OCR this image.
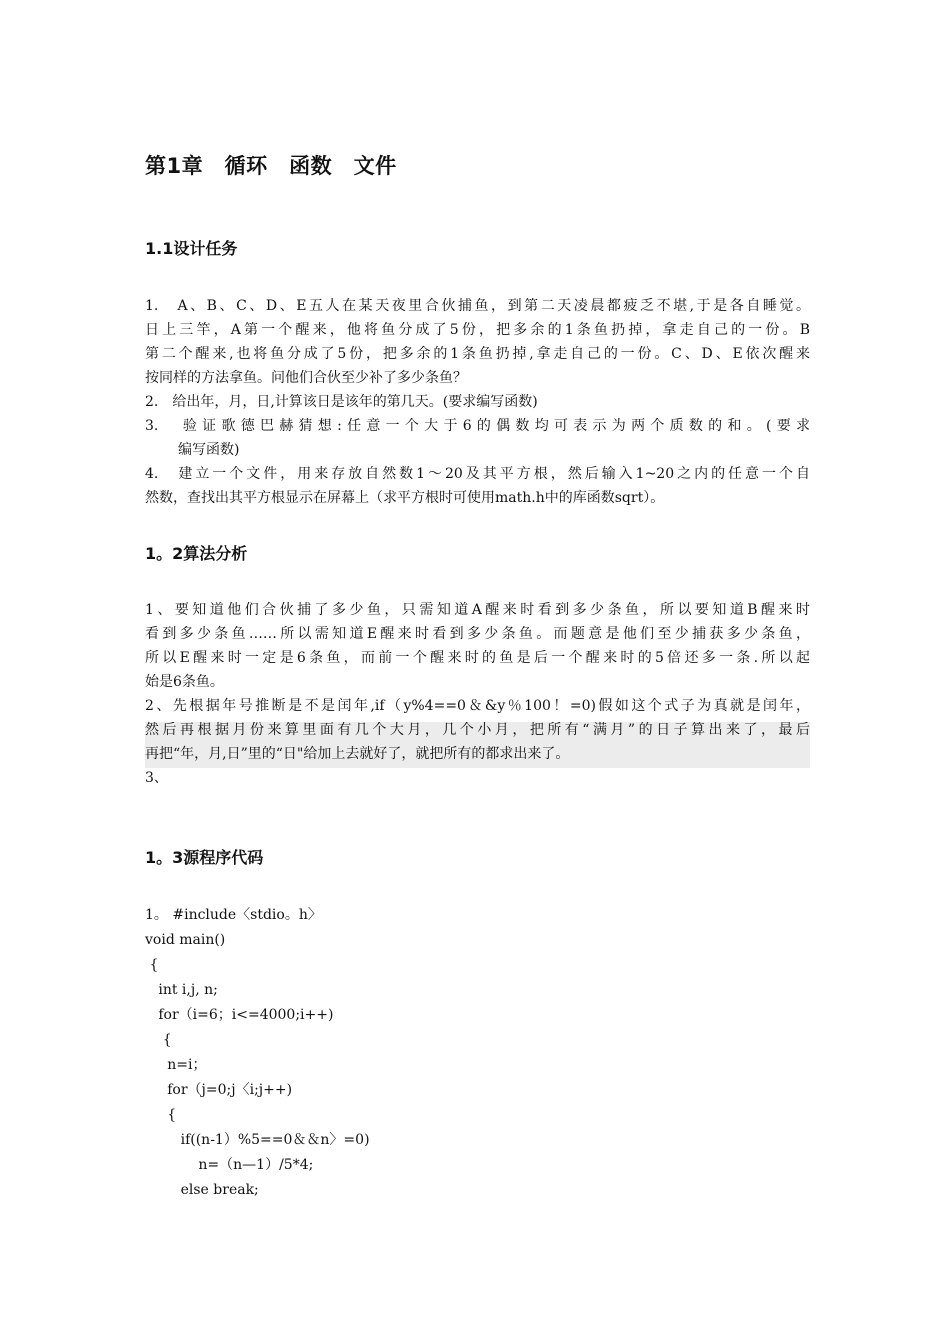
第1章　循环　函数　文件
1.1设计任务
1.　A、B、C、D、E五人在某天夜里合伙捕鱼，到第二天凌晨都疲乏不堪,于是各自睡觉。
日上三竿，A第一个醒来，他将鱼分成了5份，把多余的1条鱼扔掉，拿走自己的一份。B
第二个醒来,也将鱼分成了5份，把多余的1条鱼扔掉,拿走自己的一份。C、D、E依次醒来
按同样的方法拿鱼。问他们合伙至少补了多少条鱼？
2.　给出年，月，日,计算该日是该年的第几天。(要求编写函数)
3.　验证歌德巴赫猜想:任意一个大于6的偶数均可表示为两个质数的和。(要求
编写函数)
4.　建立一个文件，用来存放自然数1～20及其平方根，然后输入1~20之内的任意一个自
然数，查找出其平方根显示在屏幕上（求平方根时可使用math.h中的库函数sqrt）。
1。2算法分析
1、要知道他们合伙捕了多少鱼，只需知道A醒来时看到多少条鱼，所以要知道B醒来时
看到多少条鱼……所以需知道E醒来时看到多少条鱼。而题意是他们至少捕获多少条鱼，
所以E醒来时一定是6条鱼，而前一个醒来时的鱼是后一个醒来时的5倍还多一条.所以起
始是6条鱼。
2、先根据年号推断是不是闰年,if（y%4==0＆&y％100！=0)假如这个式子为真就是闰年，
然后再根据月份来算里面有几个大月，几个小月，把所有“满月”的日子算出来了，最后
再把“年，月,日”里的“日"给加上去就好了，就把所有的都求出来了。
3、
1。3源程序代码
1。 #include〈stdio。h〉
void main()
{
int i,j, n;
for（i=6；i<=4000;i++)
{
n=i；
for（j=0;j〈i;j++)
{
if((n-1）%5==0＆＆n〉=0)
n=（n—1）/5*4;
else break;
